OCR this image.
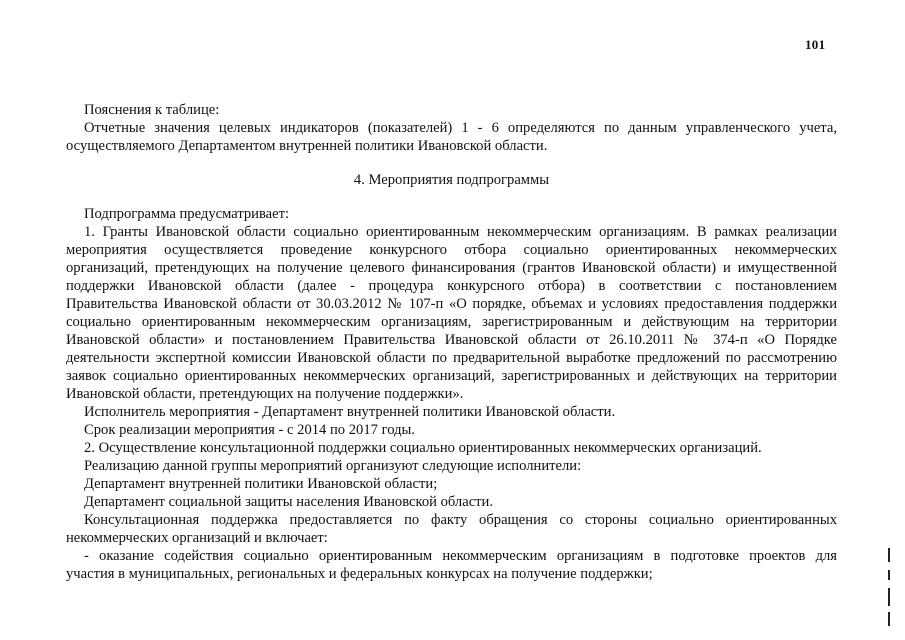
101
Пояснения к таблице:
Отчетные значения целевых индикаторов (показателей) 1 - 6 определяются по данным управленческого учета,
осуществляемого Департаментом внутренней политики Ивановской области.
4. Мероприятия подпрограммы
Подпрограмма предусматривает:
1. Гранты Ивановской области социально ориентированным некоммерческим организациям. В рамках реализации
мероприятия осуществляется проведение конкурсного отбора социально ориентированных некоммерческих
организаций, претендующих на получение целевого финансирования (грантов Ивановской области) и имущественной
поддержки Ивановской области (далее - процедура конкурсного отбора) в соответствии с постановлением
Правительства Ивановской области от 30.03.2012 № 107-п «О порядке, объемах и условиях предоставления поддержки
социально ориентированным некоммерческим организациям, зарегистрированным и действующим на территории
Ивановской области» и постановлением Правительства Ивановской области от 26.10.2011 № 374-п «О Порядке
деятельности экспертной комиссии Ивановской области по предварительной выработке предложений по рассмотрению
заявок социально ориентированных некоммерческих организаций, зарегистрированных и действующих на территории
Ивановской области, претендующих на получение поддержки».
Исполнитель мероприятия - Департамент внутренней политики Ивановской области.
Срок реализации мероприятия - с 2014 по 2017 годы.
2. Осуществление консультационной поддержки социально ориентированных некоммерческих организаций.
Реализацию данной группы мероприятий организуют следующие исполнители:
Департамент внутренней политики Ивановской области;
Департамент социальной защиты населения Ивановской области.
Консультационная поддержка предоставляется по факту обращения со стороны социально ориентированных
некоммерческих организаций и включает:
- оказание содействия социально ориентированным некоммерческим организациям в подготовке проектов для
участия в муниципальных, региональных и федеральных конкурсах на получение поддержки;
